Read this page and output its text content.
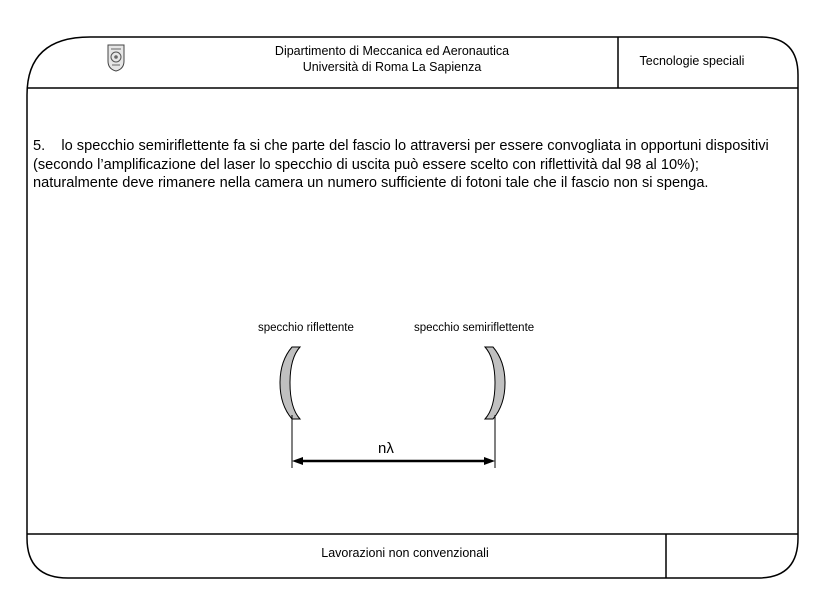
Dipartimento di Meccanica ed Aeronautica
Università di Roma La Sapienza	Tecnologie speciali

5.    lo specchio semiriflettente fa si che parte del fascio lo attraversi per essere convogliata in opportuni dispositivi (secondo l’amplificazione del laser lo specchio di uscita può essere scelto con riflettività dal 98 al 10%); naturalmente deve rimanere nella camera un numero sufficiente di fotoni tale che il fascio non si spenga.

specchio riflettente	specchio semiriflettente
nλ
Lavorazioni non convenzionali
